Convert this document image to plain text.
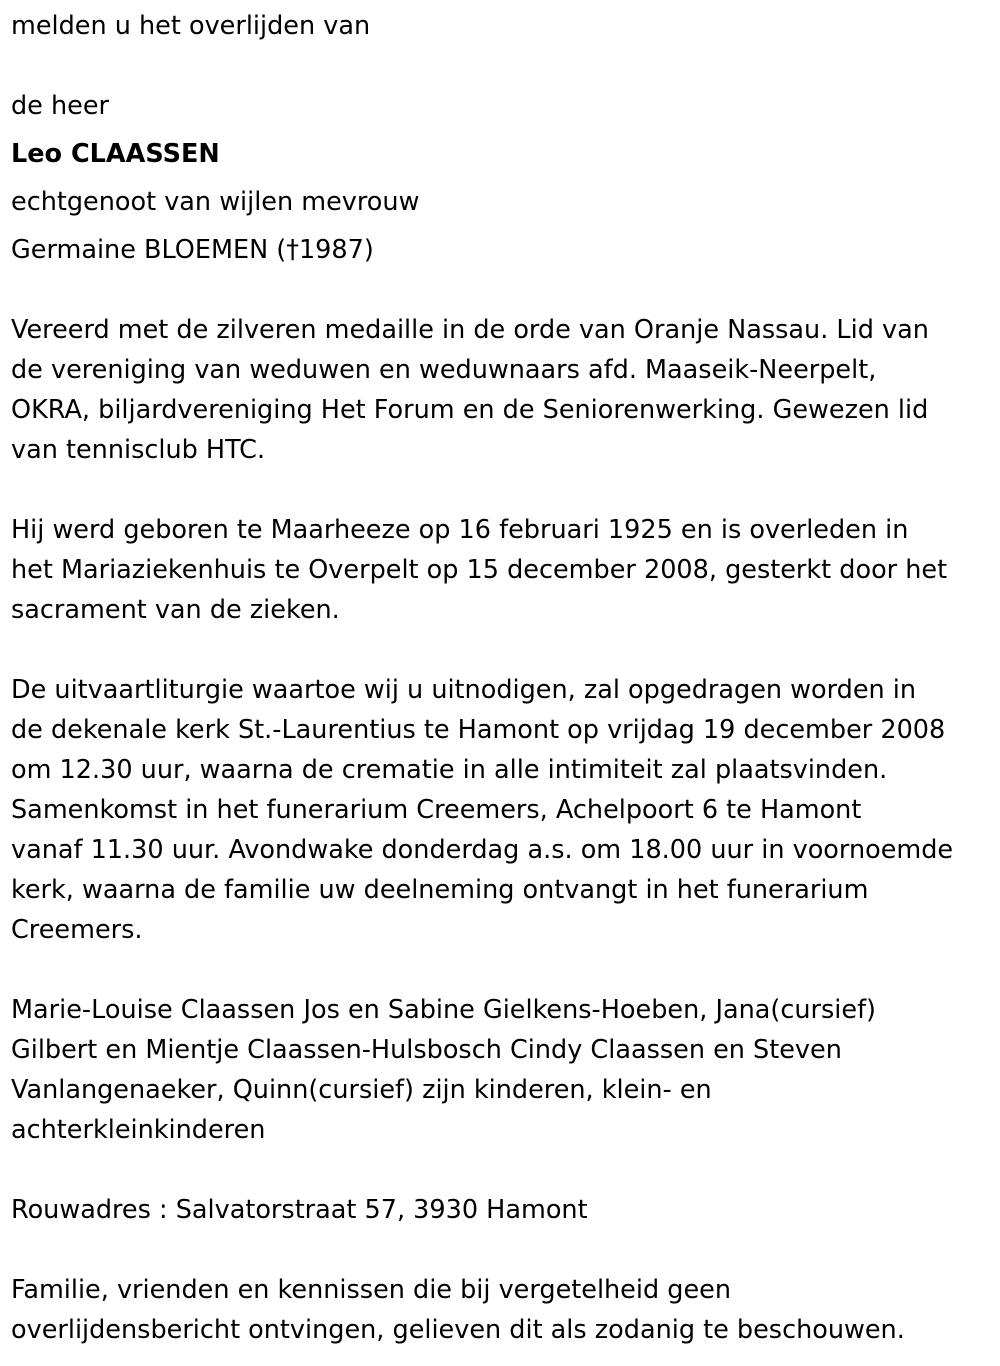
melden u het overlijden van
de heer
Leo CLAASSEN
echtgenoot van wijlen mevrouw
Germaine BLOEMEN (†1987)
Vereerd met de zilveren medaille in de orde van Oranje Nassau. Lid van
de vereniging van weduwen en weduwnaars afd. Maaseik-Neerpelt,
OKRA, biljardvereniging Het Forum en de Seniorenwerking. Gewezen lid
van tennisclub HTC.
Hij werd geboren te Maarheeze op 16 februari 1925 en is overleden in
het Mariaziekenhuis te Overpelt op 15 december 2008, gesterkt door het
sacrament van de zieken.
De uitvaartliturgie waartoe wij u uitnodigen, zal opgedragen worden in
de dekenale kerk St.-Laurentius te Hamont op vrijdag 19 december 2008
om 12.30 uur, waarna de crematie in alle intimiteit zal plaatsvinden.
Samenkomst in het funerarium Creemers, Achelpoort 6 te Hamont
vanaf 11.30 uur. Avondwake donderdag a.s. om 18.00 uur in voornoemde
kerk, waarna de familie uw deelneming ontvangt in het funerarium
Creemers.
Marie-Louise Claassen Jos en Sabine Gielkens-Hoeben, Jana(cursief)
Gilbert en Mientje Claassen-Hulsbosch Cindy Claassen en Steven
Vanlangenaeker, Quinn(cursief) zijn kinderen, klein- en
achterkleinkinderen
Rouwadres : Salvatorstraat 57, 3930 Hamont
Familie, vrienden en kennissen die bij vergetelheid geen
overlijdensbericht ontvingen, gelieven dit als zodanig te beschouwen.
